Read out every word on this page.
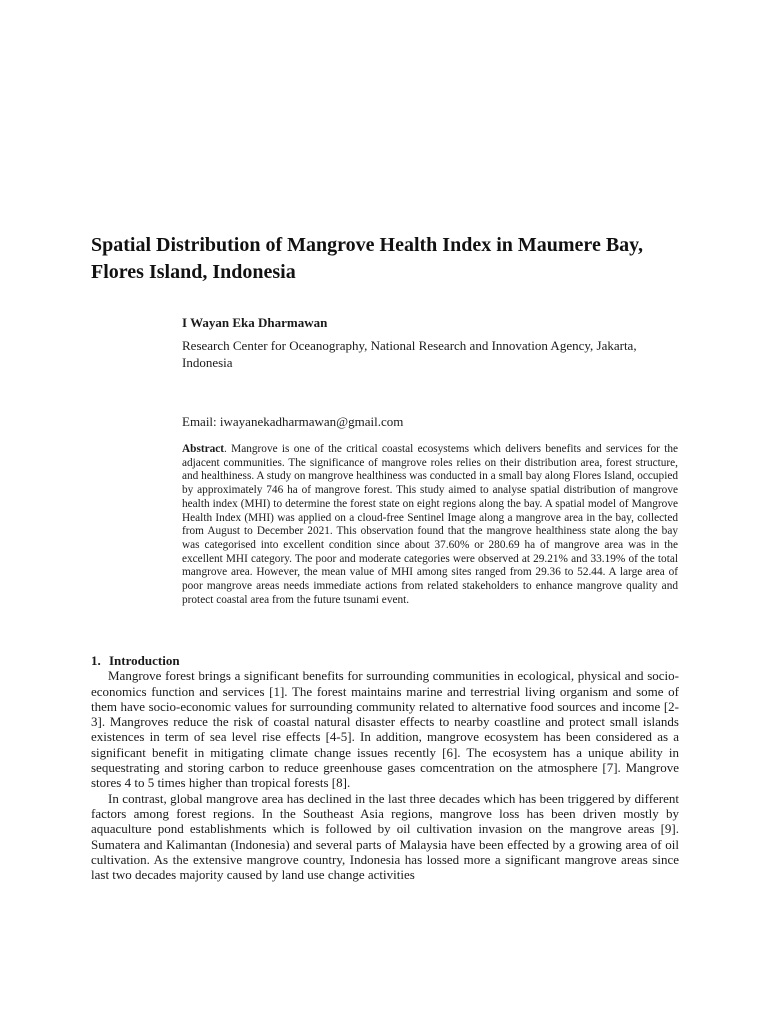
Spatial Distribution of Mangrove Health Index in Maumere Bay, Flores Island, Indonesia

I Wayan Eka Dharmawan

Research Center for Oceanography, National Research and Innovation Agency, Jakarta, Indonesia

Email: iwayanekadharmawan@gmail.com

Abstract. Mangrove is one of the critical coastal ecosystems which delivers benefits and services for the adjacent communities. The significance of mangrove roles relies on their distribution area, forest structure, and healthiness. A study on mangrove healthiness was conducted in a small bay along Flores Island, occupied by approximately 746 ha of mangrove forest. This study aimed to analyse spatial distribution of mangrove health index (MHI) to determine the forest state on eight regions along the bay. A spatial model of Mangrove Health Index (MHI) was applied on a cloud-free Sentinel Image along a mangrove area in the bay, collected from August to December 2021. This observation found that the mangrove healthiness state along the bay was categorised into excellent condition since about 37.60% or 280.69 ha of mangrove area was in the excellent MHI category. The poor and moderate categories were observed at 29.21% and 33.19% of the total mangrove area. However, the mean value of MHI among sites ranged from 29.36 to 52.44. A large area of poor mangrove areas needs immediate actions from related stakeholders to enhance mangrove quality and protect coastal area from the future tsunami event.

1. Introduction

Mangrove forest brings a significant benefits for surrounding communities in ecological, physical and socio-economics function and services [1]. The forest maintains marine and terrestrial living organism and some of them have socio-economic values for surrounding community related to alternative food sources and income [2-3]. Mangroves reduce the risk of coastal natural disaster effects to nearby coastline and protect small islands existences in term of sea level rise effects [4-5]. In addition, mangrove ecosystem has been considered as a significant benefit in mitigating climate change issues recently [6]. The ecosystem has a unique ability in sequestrating and storing carbon to reduce greenhouse gases comcentration on the atmosphere [7]. Mangrove stores 4 to 5 times higher than tropical forests [8].

In contrast, global mangrove area has declined in the last three decades which has been triggered by different factors among forest regions. In the Southeast Asia regions, mangrove loss has been driven mostly by aquaculture pond establishments which is followed by oil cultivation invasion on the mangrove areas [9]. Sumatera and Kalimantan (Indonesia) and several parts of Malaysia have been effected by a growing area of oil cultivation. As the extensive mangrove country, Indonesia has lossed more a significant mangrove areas since last two decades majority caused by land use change activities
